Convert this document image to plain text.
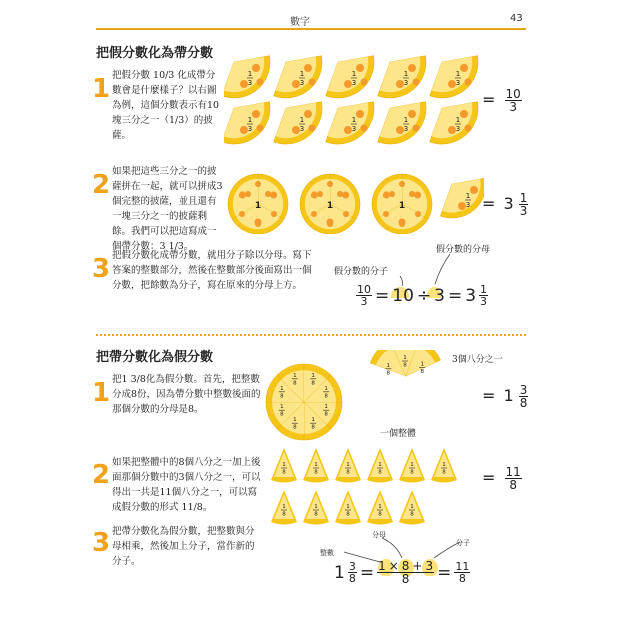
數字	43
把假分數化為帶分數
1 把假分數 10/3 化成帶分數會是什麼樣子？以右圖為例，這個分數表示有10塊三分之一（1/3）的披薩。
2 如果把這些三分之一的披薩拼在一起，就可以拼成3個完整的披薩，並且還有一塊三分之一的披薩剩餘。我們可以把這寫成一個帶分數：3 1/3。
3 把假分數化成帶分數，就用分子除以分母。寫下答案的整數部分，然後在整數部分後面寫出一個分數，把餘數為分子，寫在原來的分母上方。
1
3
1
3
1
3
1
3
1
3
1
3
1
3
1
3
1
3
1
3
1	1	1
1
3
= $\frac{10}{3}$
= $3 \frac{1}{3}$
假分數的分子
假分數的分母
$\frac{10}{3} = 10 \div 3 = 3 \frac{1}{3}$
把帶分數化為假分數
1 把1 3/8化為假分數。首先，把整數分成8份，因為帶分數中整數後面的那個分數的分母是8。
2 如果把整體中的8個八分之一加上後面那個分數中的3個八分之一，可以得出一共是11個八分之一，可以寫成假分數的形式 11/8。
3 把帶分數化為假分數，把整數與分母相乘，然後加上分子，當作新的分子。
1
8
1
8
1
8
1
8
1
8
1
8
1
8
1
8
1
8
1
8	1
8
1
8
1
8
1
8
1
8
1
8
1
8
1
8
1
8
1
8
1
8
1
8
3個八分之一
一個整體
= $1 \frac{3}{8}$
= $\frac{11}{8}$
整數
分母
分子
$1 \frac{3}{8} = \frac{1 \times 8 + 3}{8} = \frac{11}{8}$
